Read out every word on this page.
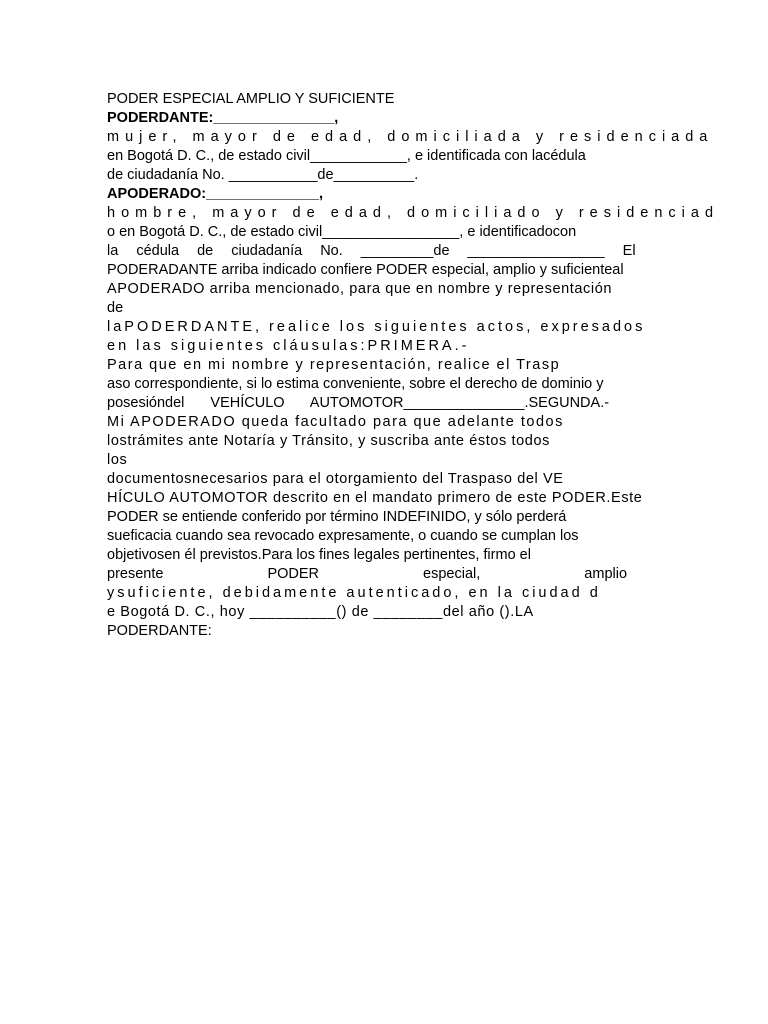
PODER ESPECIAL AMPLIO Y SUFICIENTE
PODERDANTE:_______________,
mujer, mayor de edad, domiciliada y residenciada
en Bogotá D. C., de estado civil____________, e identificada con lacédula
de ciudadanía No. ___________de__________.
APODERADO:______________,
hombre, mayor de edad, domiciliado y residenciad
o en Bogotá D. C., de estado civil_________________, e identificadocon
la cédula de ciudadanía No. _________de _________________ El
PODERADANTE arriba indicado confiere PODER especial, amplio y suficienteal
APODERADO arriba mencionado, para que en nombre y representación
de
laPODERDANTE, realice los siguientes actos, expresados
en las siguientes cláusulas:PRIMERA.-
Para que en mi nombre y representación, realice el Trasp
aso correspondiente, si lo estima conveniente, sobre el derecho de dominio y
posesióndel VEHÍCULO AUTOMOTOR_______________.SEGUNDA.-
Mi APODERADO queda facultado para que adelante todos
lostrámites ante Notaría y Tránsito, y suscriba ante éstos todos
los
documentosnecesarios para el otorgamiento del Traspaso del VE
HÍCULO AUTOMOTOR descrito en el mandato primero de este PODER.Este
PODER se entiende conferido por término INDEFINIDO, y sólo perderá
sueficacia cuando sea revocado expresamente, o cuando se cumplan los
objetivosen él previstos.Para los fines legales pertinentes, firmo el
presente PODER especial, amplio
ysuficiente, debidamente autenticado, en la ciudad d
e Bogotá D. C., hoy __________() de ________del año ().LA
PODERDANTE:
